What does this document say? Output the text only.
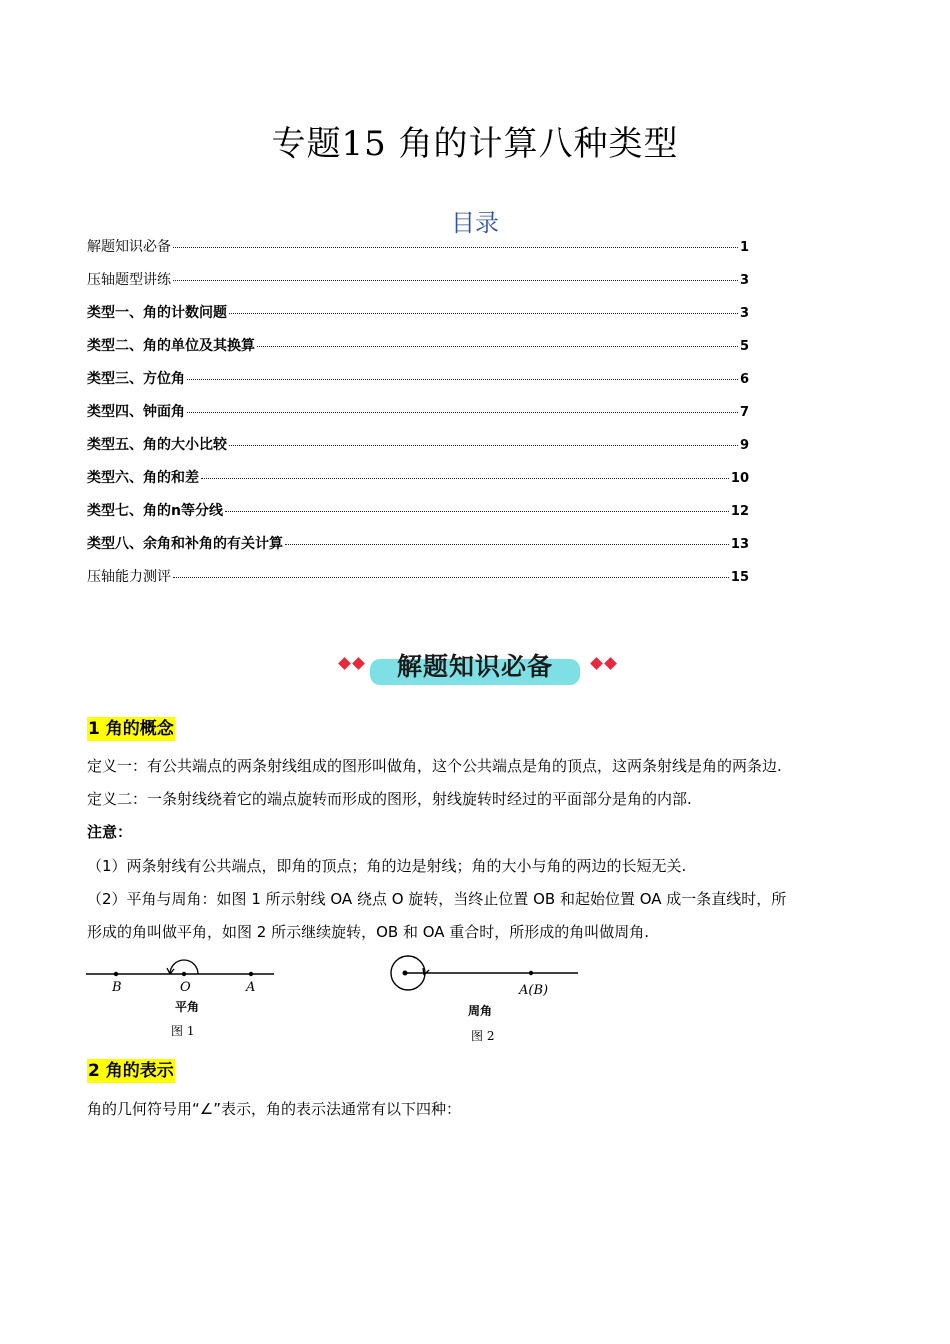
专题15 角的计算八种类型
目录
解题知识必备	1
压轴题型讲练	3
类型一、角的计数问题	3
类型二、角的单位及其换算	5
类型三、方位角	6
类型四、钟面角	7
类型五、角的大小比较	9
类型六、角的和差	10
类型七、角的n等分线	12
类型八、余角和补角的有关计算	13
压轴能力测评	15
解题知识必备
1 角的概念
定义一：有公共端点的两条射线组成的图形叫做角，这个公共端点是角的顶点，这两条射线是角的两条边.
定义二：一条射线绕着它的端点旋转而形成的图形，射线旋转时经过的平面部分是角的内部.
注意：
（1）两条射线有公共端点，即角的顶点；角的边是射线；角的大小与角的两边的长短无关.
（2）平角与周角：如图 1 所示射线 OA 绕点 O 旋转，当终止位置 OB 和起始位置 OA 成一条直线时，所
形成的角叫做平角，如图 2 所示继续旋转，OB 和 OA 重合时，所形成的角叫做周角.
B	O	A
平角
图 1
A(B)
周角
图 2
2 角的表示
角的几何符号用“∠”表示，角的表示法通常有以下四种：
